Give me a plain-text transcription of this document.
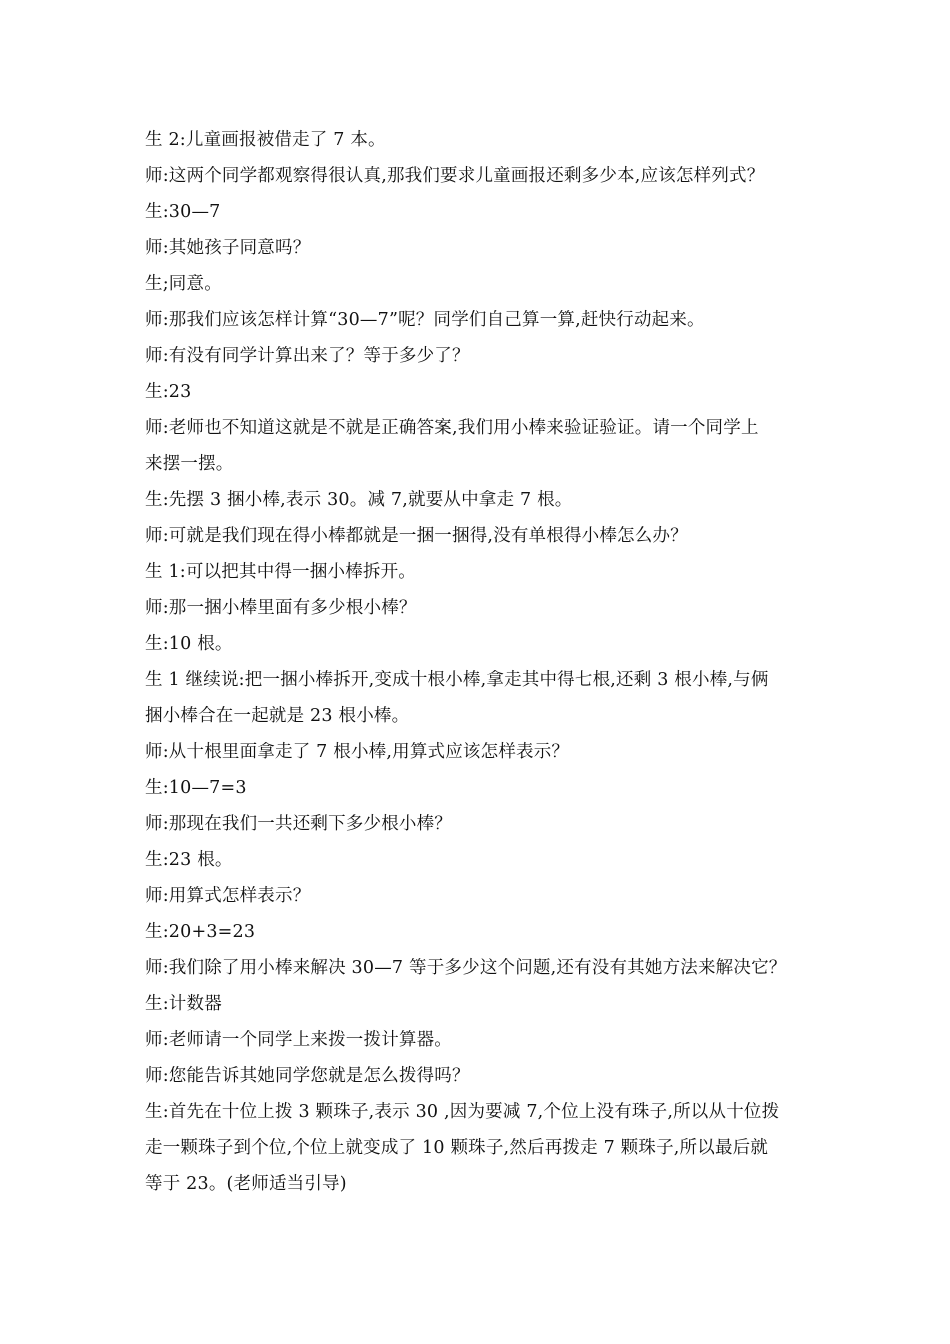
生 2:儿童画报被借走了 7 本。

师:这两个同学都观察得很认真,那我们要求儿童画报还剩多少本,应该怎样列式？

生:30—7

师:其她孩子同意吗？

生;同意。

师:那我们应该怎样计算“30—7”呢？同学们自己算一算,赶快行动起来。

师:有没有同学计算出来了？等于多少了？

生:23

师:老师也不知道这就是不就是正确答案,我们用小棒来验证验证。请一个同学上

来摆一摆。

生:先摆 3 捆小棒,表示 30。减 7,就要从中拿走 7 根。

师:可就是我们现在得小棒都就是一捆一捆得,没有单根得小棒怎么办？

生 1:可以把其中得一捆小棒拆开。

师:那一捆小棒里面有多少根小棒？

生:10 根。

生 1 继续说:把一捆小棒拆开,变成十根小棒,拿走其中得七根,还剩 3 根小棒,与俩

捆小棒合在一起就是 23 根小棒。

师:从十根里面拿走了 7 根小棒,用算式应该怎样表示？

生:10—7=3

师:那现在我们一共还剩下多少根小棒？

生:23 根。

师:用算式怎样表示？

生:20+3=23

师:我们除了用小棒来解决 30—7 等于多少这个问题,还有没有其她方法来解决它？

生:计数器

师:老师请一个同学上来拨一拨计算器。

师:您能告诉其她同学您就是怎么拨得吗？

生:首先在十位上拨 3 颗珠子,表示 30 ,因为要减 7,个位上没有珠子,所以从十位拨

走一颗珠子到个位,个位上就变成了 10 颗珠子,然后再拨走 7 颗珠子,所以最后就

等于 23。(老师适当引导)
